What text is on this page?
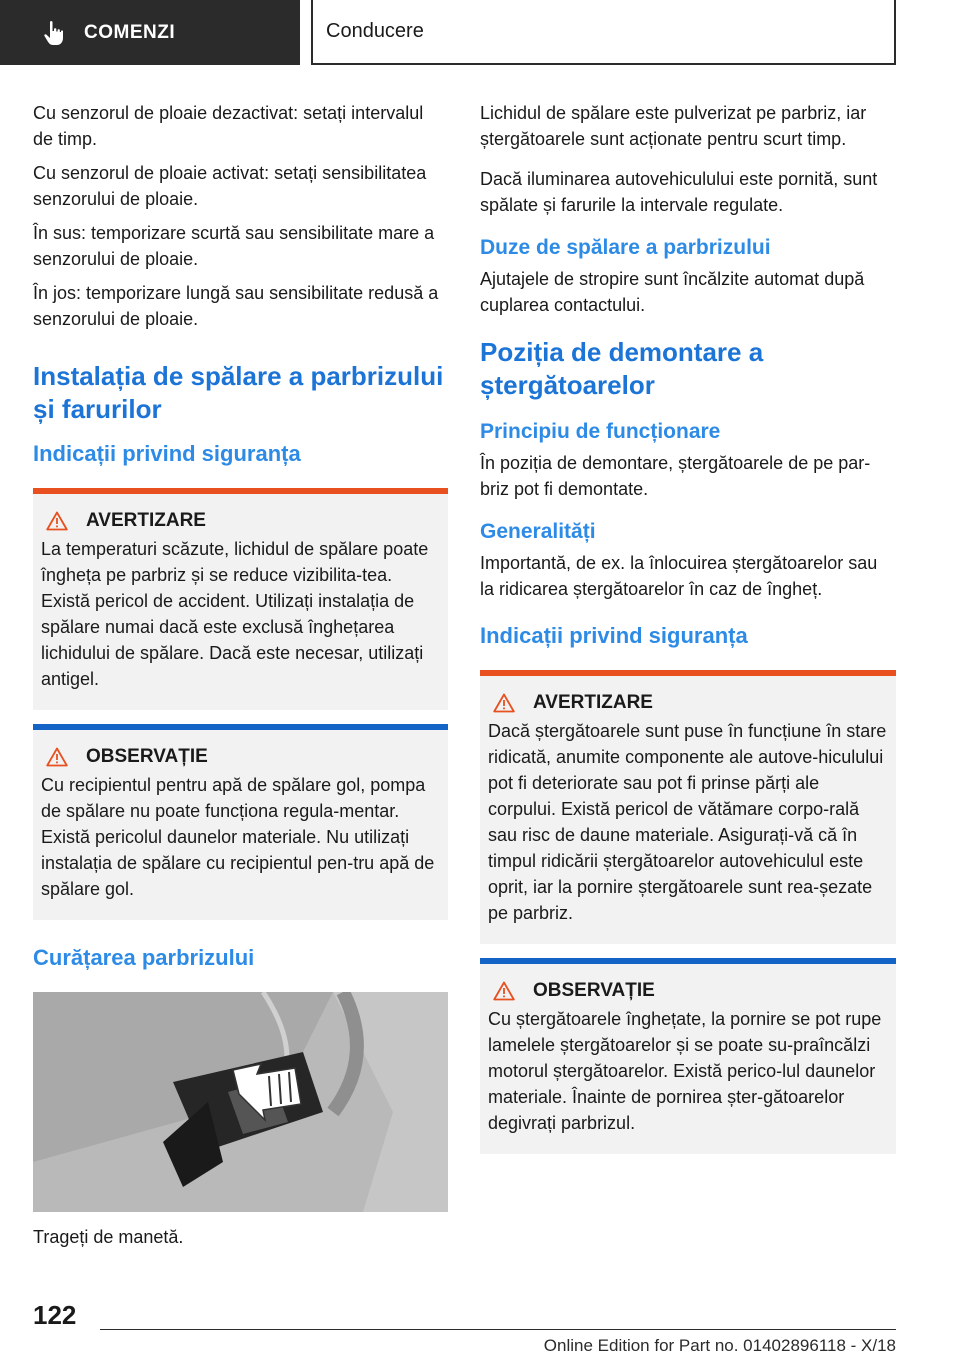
COMENZI	Conducere

Cu senzorul de ploaie dezactivat: setați intervalul de timp.

Cu senzorul de ploaie activat: setați sensibilitatea senzorului de ploaie.

În sus: temporizare scurtă sau sensibilitate mare a senzorului de ploaie.

În jos: temporizare lungă sau sensibilitate redusă a senzorului de ploaie.

Instalația de spălare a parbrizului și farurilor
Indicații privind siguranța
AVERTIZARE

La temperaturi scăzute, lichidul de spălare poate îngheța pe parbriz și se reduce vizibilita-tea. Există pericol de accident. Utilizați instalația de spălare numai dacă este exclusă înghețarea lichidului de spălare. Dacă este necesar, utilizați antigel.

OBSERVAȚIE

Cu recipientul pentru apă de spălare gol, pompa de spălare nu poate funcționa regula-mentar. Există pericolul daunelor materiale. Nu utilizați instalația de spălare cu recipientul pen-tru apă de spălare gol.

Curățarea parbrizului

Trageți de manetă.

Lichidul de spălare este pulverizat pe parbriz, iar ștergătoarele sunt acționate pentru scurt timp.

Dacă iluminarea autovehiculului este pornită, sunt spălate și farurile la intervale regulate.

Duze de spălare a parbrizului

Ajutajele de stropire sunt încălzite automat după cuplarea contactului.

Poziția de demontare a ștergătoarelor
Principiu de funcționare

În poziția de demontare, ștergătoarele de pe par-briz pot fi demontate.

Generalități

Importantă, de ex. la înlocuirea ștergătoarelor sau la ridicarea ștergătoarelor în caz de îngheț.

Indicații privind siguranța
AVERTIZARE

Dacă ștergătoarele sunt puse în funcțiune în stare ridicată, anumite componente ale autove-hiculului pot fi deteriorate sau pot fi prinse părți ale corpului. Există pericol de vătămare corpo-rală sau risc de daune materiale. Asigurați-vă că în timpul ridicării ștergătoarelor autovehiculul este oprit, iar la pornire ștergătoarele sunt rea-șezate pe parbriz.

OBSERVAȚIE

Cu ștergătoarele înghețate, la pornire se pot rupe lamelele ștergătoarelor și se poate su-praîncălzi motorul ștergătoarelor. Există perico-lul daunelor materiale. Înainte de pornirea șter-gătoarelor degivrați parbrizul.

122
Online Edition for Part no. 01402896118 - X/18
